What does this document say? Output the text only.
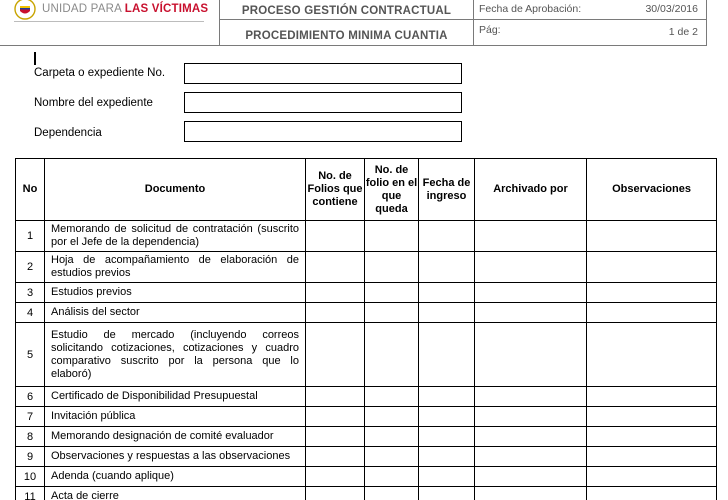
UNIDAD PARA LAS VÍCTIMAS	PROCESO GESTIÓN CONTRACTUAL
PROCEDIMIENTO MINIMA CUANTIA
Fecha de Aprobación:	30/03/2016
Pág:	1 de 2
Carpeta o expediente No.
Nombre del expediente
Dependencia
No	Documento	No. de Folios que contiene	No. de folio en el que queda	Fecha de ingreso	Archivado por	Observaciones
1	Memorando de solicitud de contratación (suscrito por el Jefe de la dependencia)					
2	Hoja de acompañamiento de elaboración de estudios previos					
3	Estudios previos					
4	Análisis del sector					
5	Estudio de mercado (incluyendo correos solicitando cotizaciones, cotizaciones y cuadro comparativo suscrito por la persona que lo elaboró)					
6	Certificado de Disponibilidad Presupuestal					
7	Invitación pública					
8	Memorando designación de comité evaluador					
9	Observaciones y respuestas a las observaciones					
10	Adenda (cuando aplique)					
11	Acta de cierre					
